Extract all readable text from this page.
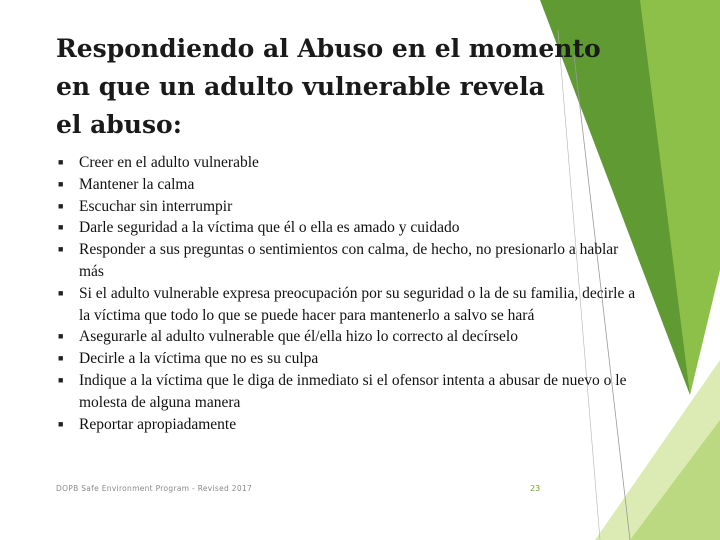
Respondiendo al Abuso en el momento
en que un adulto vulnerable revela
el abuso:
■ Creer en el adulto vulnerable
■ Mantener la calma
■ Escuchar sin interrumpir
■ Darle seguridad a la víctima que él o ella es amado y cuidado
■ Responder a sus preguntas o sentimientos con calma, de hecho, no presionarlo a hablar más
■ Si el adulto vulnerable expresa preocupación por su seguridad o la de su familia, decirle a la víctima que todo lo que se puede hacer para mantenerlo a salvo se hará
■ Asegurarle al adulto vulnerable que él/ella hizo lo correcto al decírselo
■ Decirle a la víctima que no es su culpa
■ Indique a la víctima que le diga de inmediato si el ofensor intenta a abusar de nuevo o le molesta de alguna manera
■ Reportar apropiadamente
DOPB Safe Environment Program - Revised 2017	23
